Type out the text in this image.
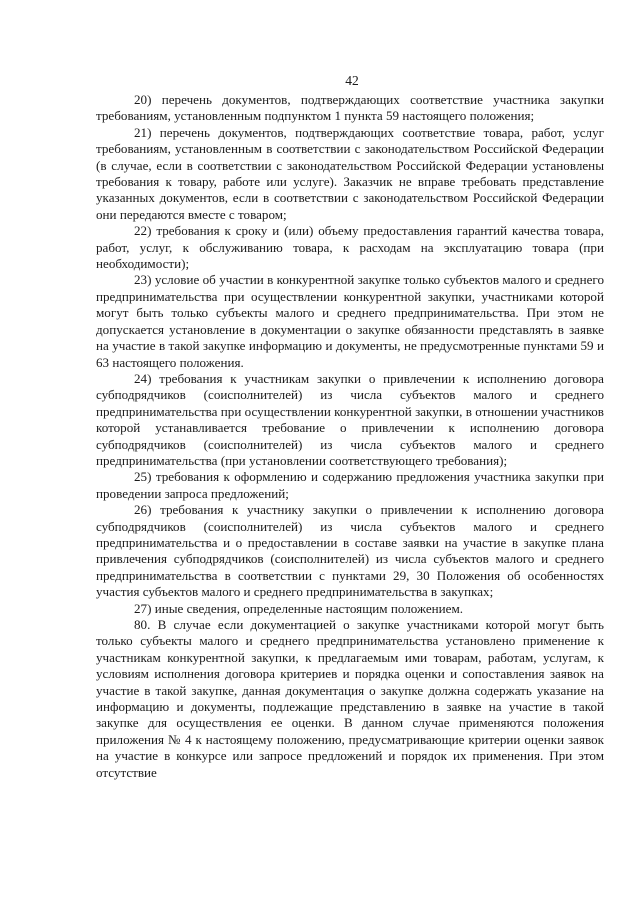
42

20) перечень документов, подтверждающих соответствие участника закупки требованиям, установленным подпунктом 1 пункта 59 настоящего положения;

21) перечень документов, подтверждающих соответствие товара, работ, услуг требованиям, установленным в соответствии с законодательством Российской Федерации (в случае, если в соответствии с законодательством Российской Федерации установлены требования к товару, работе или услуге). Заказчик не вправе требовать представление указанных документов, если в соответствии с законодательством Российской Федерации они передаются вместе с товаром;

22) требования к сроку и (или) объему предоставления гарантий качества товара, работ, услуг, к обслуживанию товара, к расходам на эксплуатацию товара (при необходимости);

23) условие об участии в конкурентной закупке только субъектов малого и среднего предпринимательства при осуществлении конкурентной закупки, участниками которой могут быть только субъекты малого и среднего предпринимательства. При этом не допускается установление в документации о закупке обязанности представлять в заявке на участие в такой закупке информацию и документы, не предусмотренные пунктами 59 и 63 настоящего положения.

24) требования к участникам закупки о привлечении к исполнению договора субподрядчиков (соисполнителей) из числа субъектов малого и среднего предпринимательства при осуществлении конкурентной закупки, в отношении участников которой устанавливается требование о привлечении к исполнению договора субподрядчиков (соисполнителей) из числа субъектов малого и среднего предпринимательства (при установлении соответствующего требования);

25) требования к оформлению и содержанию предложения участника закупки при проведении запроса предложений;

26) требования к участнику закупки о привлечении к исполнению договора субподрядчиков (соисполнителей) из числа субъектов малого и среднего предпринимательства и о предоставлении в составе заявки на участие в закупке плана привлечения субподрядчиков (соисполнителей) из числа субъектов малого и среднего предпринимательства в соответствии с пунктами 29, 30 Положения об особенностях участия субъектов малого и среднего предпринимательства в закупках;

27) иные сведения, определенные настоящим положением.

80. В случае если документацией о закупке участниками которой могут быть только субъекты малого и среднего предпринимательства установлено применение к участникам конкурентной закупки, к предлагаемым ими товарам, работам, услугам, к условиям исполнения договора критериев и порядка оценки и сопоставления заявок на участие в такой закупке, данная документация о закупке должна содержать указание на информацию и документы, подлежащие представлению в заявке на участие в такой закупке для осуществления ее оценки. В данном случае применяются положения приложения № 4 к настоящему положению, предусматривающие критерии оценки заявок на участие в конкурсе или запросе предложений и порядок их применения. При этом отсутствие
